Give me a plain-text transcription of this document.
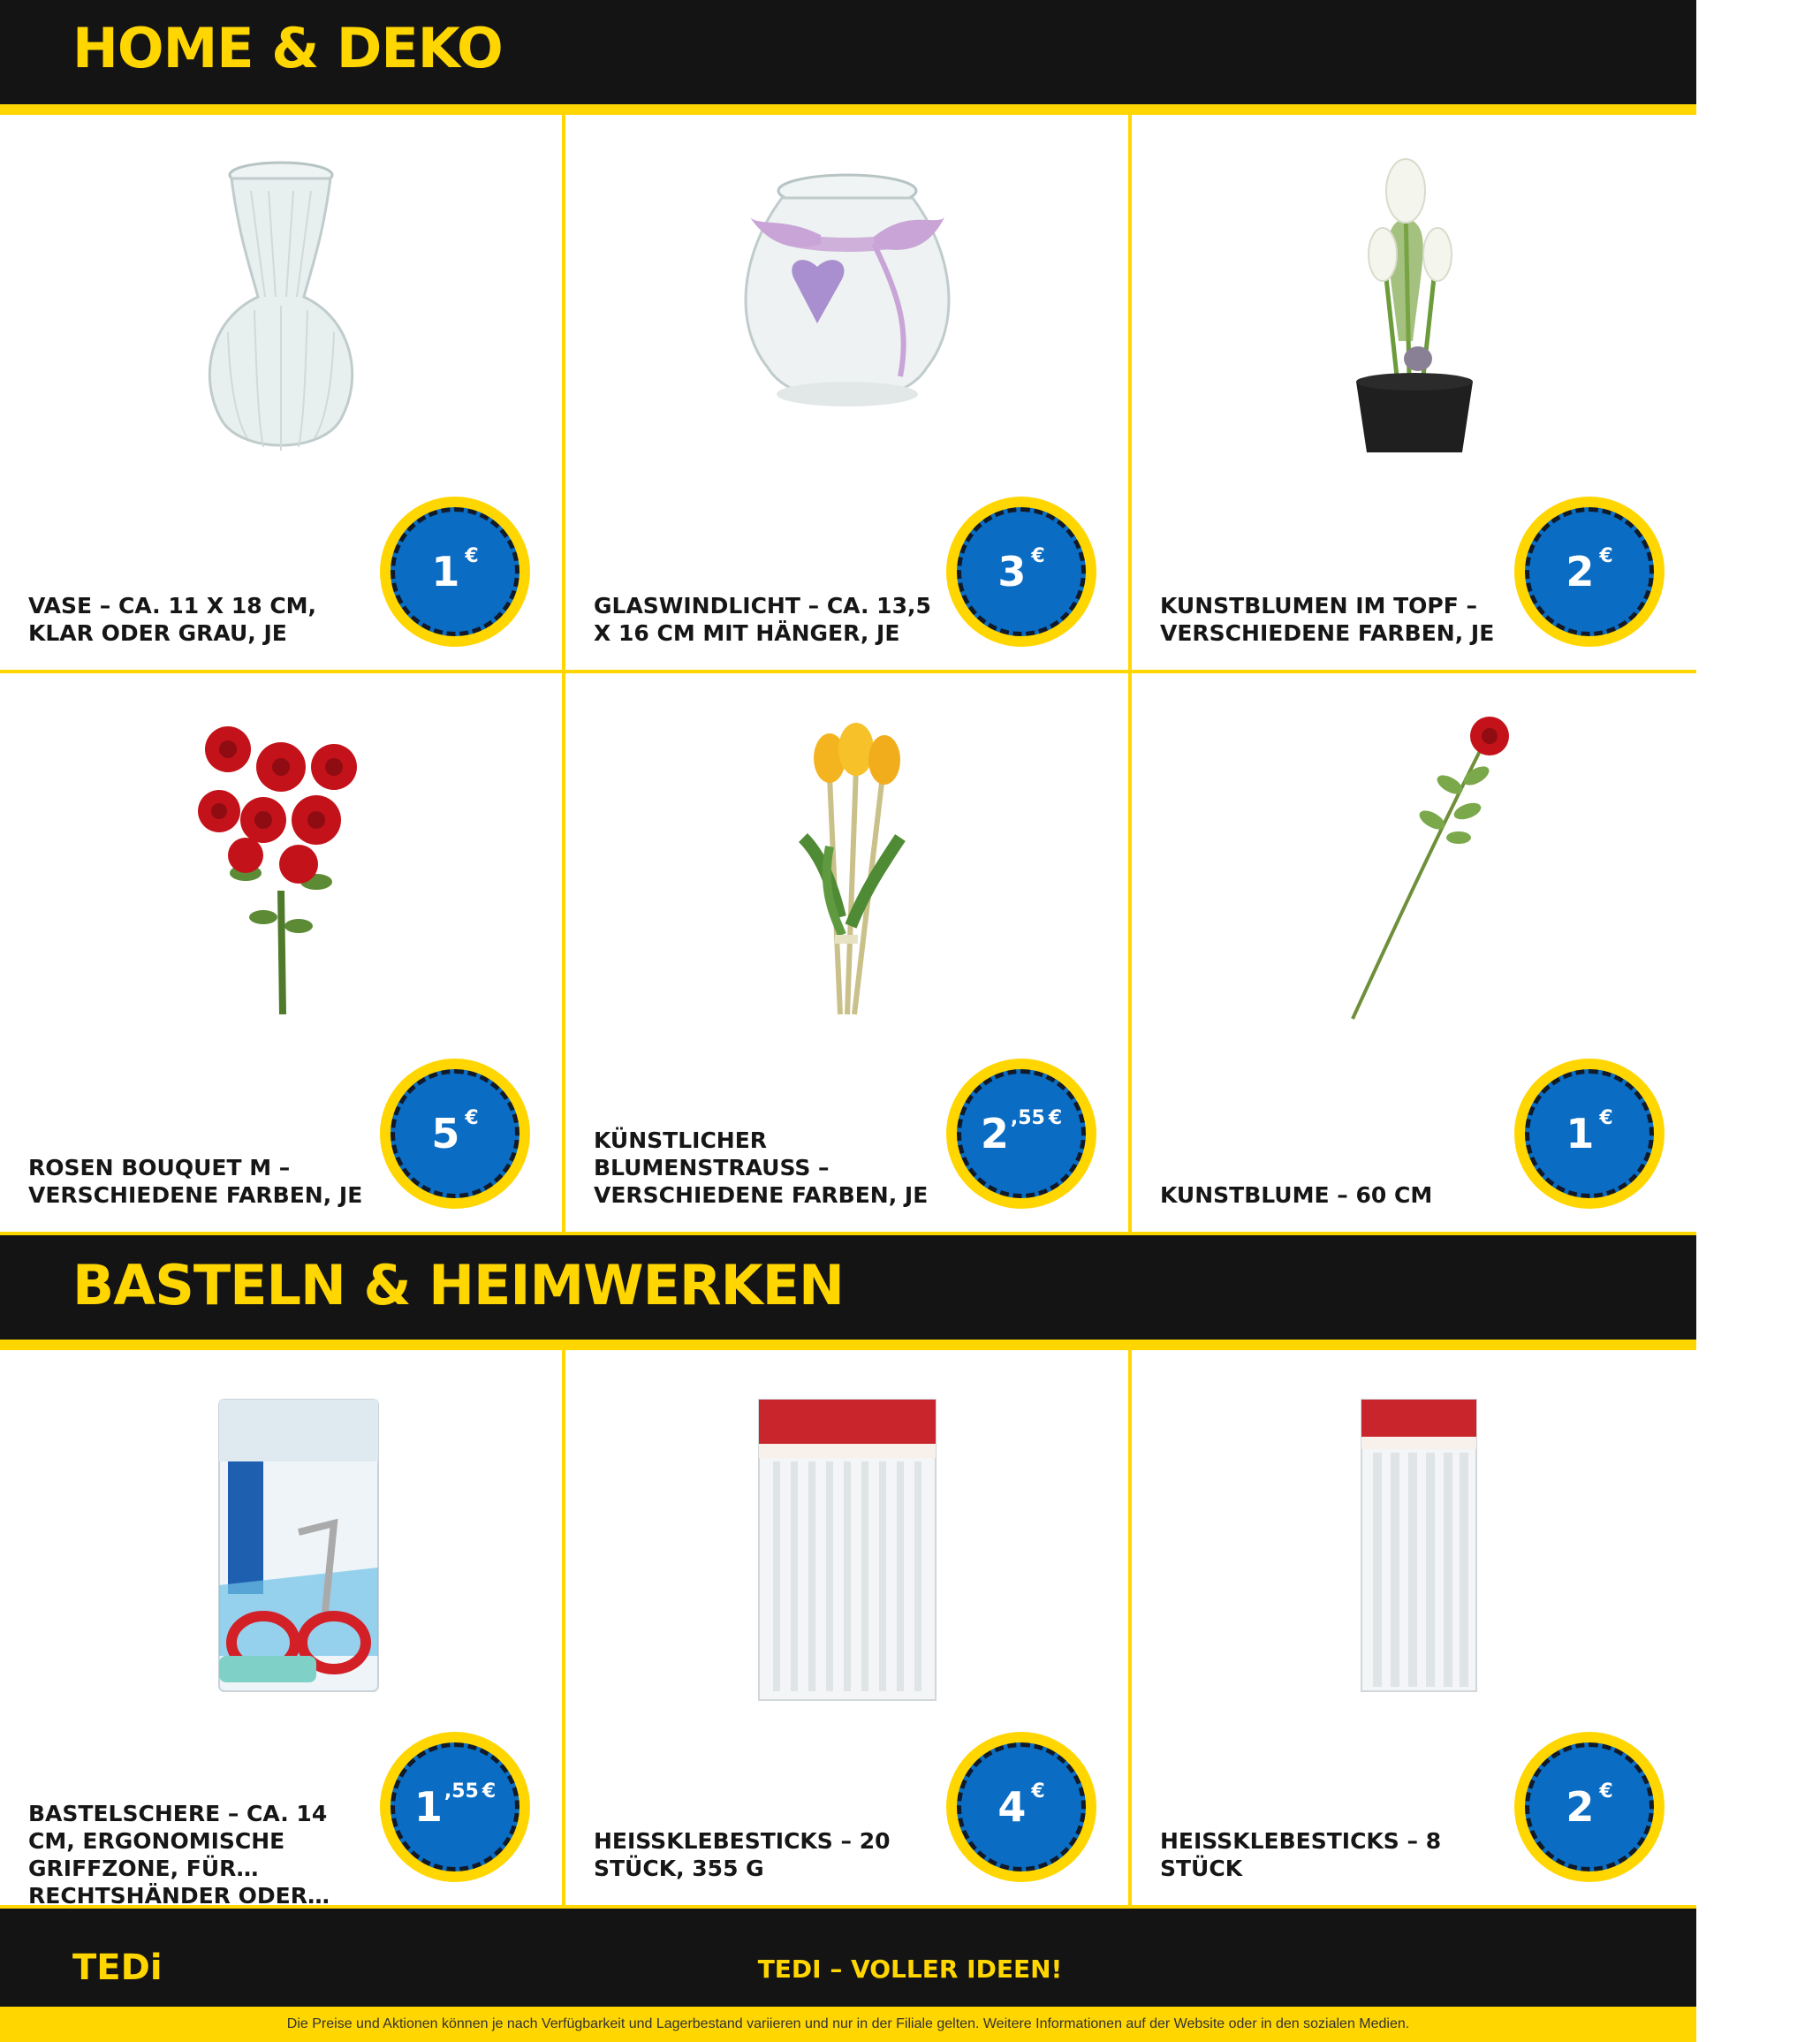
HOME & DEKO
VASE – CA. 11 X 18 CM, KLAR ODER GRAU, JE
1 €
GLASWINDLICHT – CA. 13,5 X 16 CM MIT HÄNGER, JE
3 €
KUNSTBLUMEN IM TOPF – VERSCHIEDENE FARBEN, JE
2 €
ROSEN BOUQUET M – VERSCHIEDENE FARBEN, JE
5 €
KÜNSTLICHER BLUMENSTRAUSS – VERSCHIEDENE FARBEN, JE
2 ,55 €
KUNSTBLUME – 60 CM
1 €
BASTELN & HEIMWERKEN
BASTELSCHERE – CA. 14 CM, ERGONOMISCHE GRIFFZONE, FÜR RECHTSHÄNDER ODER…
1 ,55 €
HEISSKLEBESTICKS – 20 STÜCK, 355 G
4 €
HEISSKLEBESTICKS – 8 STÜCK
2 €
TEDi	TEDI – VOLLER IDEEN!
Die Preise und Aktionen können je nach Verfügbarkeit und Lagerbestand variieren und nur in der Filiale gelten. Weitere Informationen auf der Website oder in den sozialen Medien.
